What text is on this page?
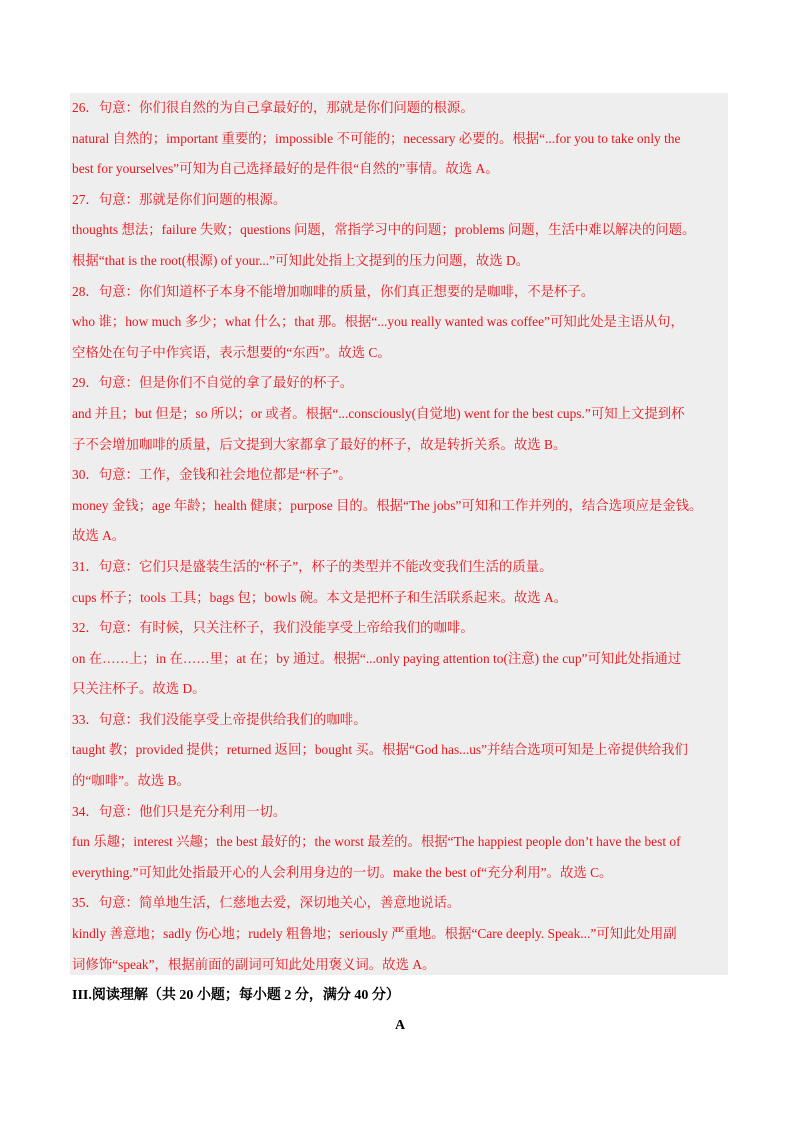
26．句意：你们很自然的为自己拿最好的，那就是你们问题的根源。
natural 自然的；important 重要的；impossible 不可能的；necessary 必要的。根据“...for you to take only the
best for yourselves”可知为自己选择最好的是件很“自然的”事情。故选 A。
27．句意：那就是你们问题的根源。
thoughts 想法；failure 失败；questions 问题，常指学习中的问题；problems 问题，生活中难以解决的问题。
根据“that is the root(根源) of your...”可知此处指上文提到的压力问题，故选 D。
28．句意：你们知道杯子本身不能增加咖啡的质量，你们真正想要的是咖啡，不是杯子。
who 谁；how much 多少；what 什么；that 那。根据“...you really wanted was coffee”可知此处是主语从句，
空格处在句子中作宾语，表示想要的“东西”。故选 C。
29．句意：但是你们不自觉的拿了最好的杯子。
and 并且；but 但是；so 所以；or 或者。根据“...consciously(自觉地) went for the best cups.”可知上文提到杯
子不会增加咖啡的质量，后文提到大家都拿了最好的杯子，故是转折关系。故选 B。
30．句意：工作，金钱和社会地位都是“杯子”。
money 金钱；age 年龄；health 健康；purpose 目的。根据“The jobs”可知和工作并列的，结合选项应是金钱。
故选 A。
31．句意：它们只是盛装生活的“杯子”，杯子的类型并不能改变我们生活的质量。
cups 杯子；tools 工具；bags 包；bowls 碗。本文是把杯子和生活联系起来。故选 A。
32．句意：有时候，只关注杯子，我们没能享受上帝给我们的咖啡。
on 在……上；in 在……里；at 在；by 通过。根据“...only paying attention to(注意) the cup”可知此处指通过
只关注杯子。故选 D。
33．句意：我们没能享受上帝提供给我们的咖啡。
taught 教；provided 提供；returned 返回；bought 买。根据“God has...us”并结合选项可知是上帝提供给我们
的“咖啡”。故选 B。
34．句意：他们只是充分利用一切。
fun 乐趣；interest 兴趣；the best 最好的；the worst 最差的。根据“The happiest people don’t have the best of
everything.”可知此处指最开心的人会利用身边的一切。make the best of“充分利用”。故选 C。
35．句意：简单地生活，仁慈地去爱，深切地关心，善意地说话。
kindly 善意地；sadly 伤心地；rudely 粗鲁地；seriously 严重地。根据“Care deeply. Speak...”可知此处用副
词修饰“speak”，根据前面的副词可知此处用褒义词。故选 A。
III.阅读理解（共 20 小题；每小题 2 分，满分 40 分）
A
